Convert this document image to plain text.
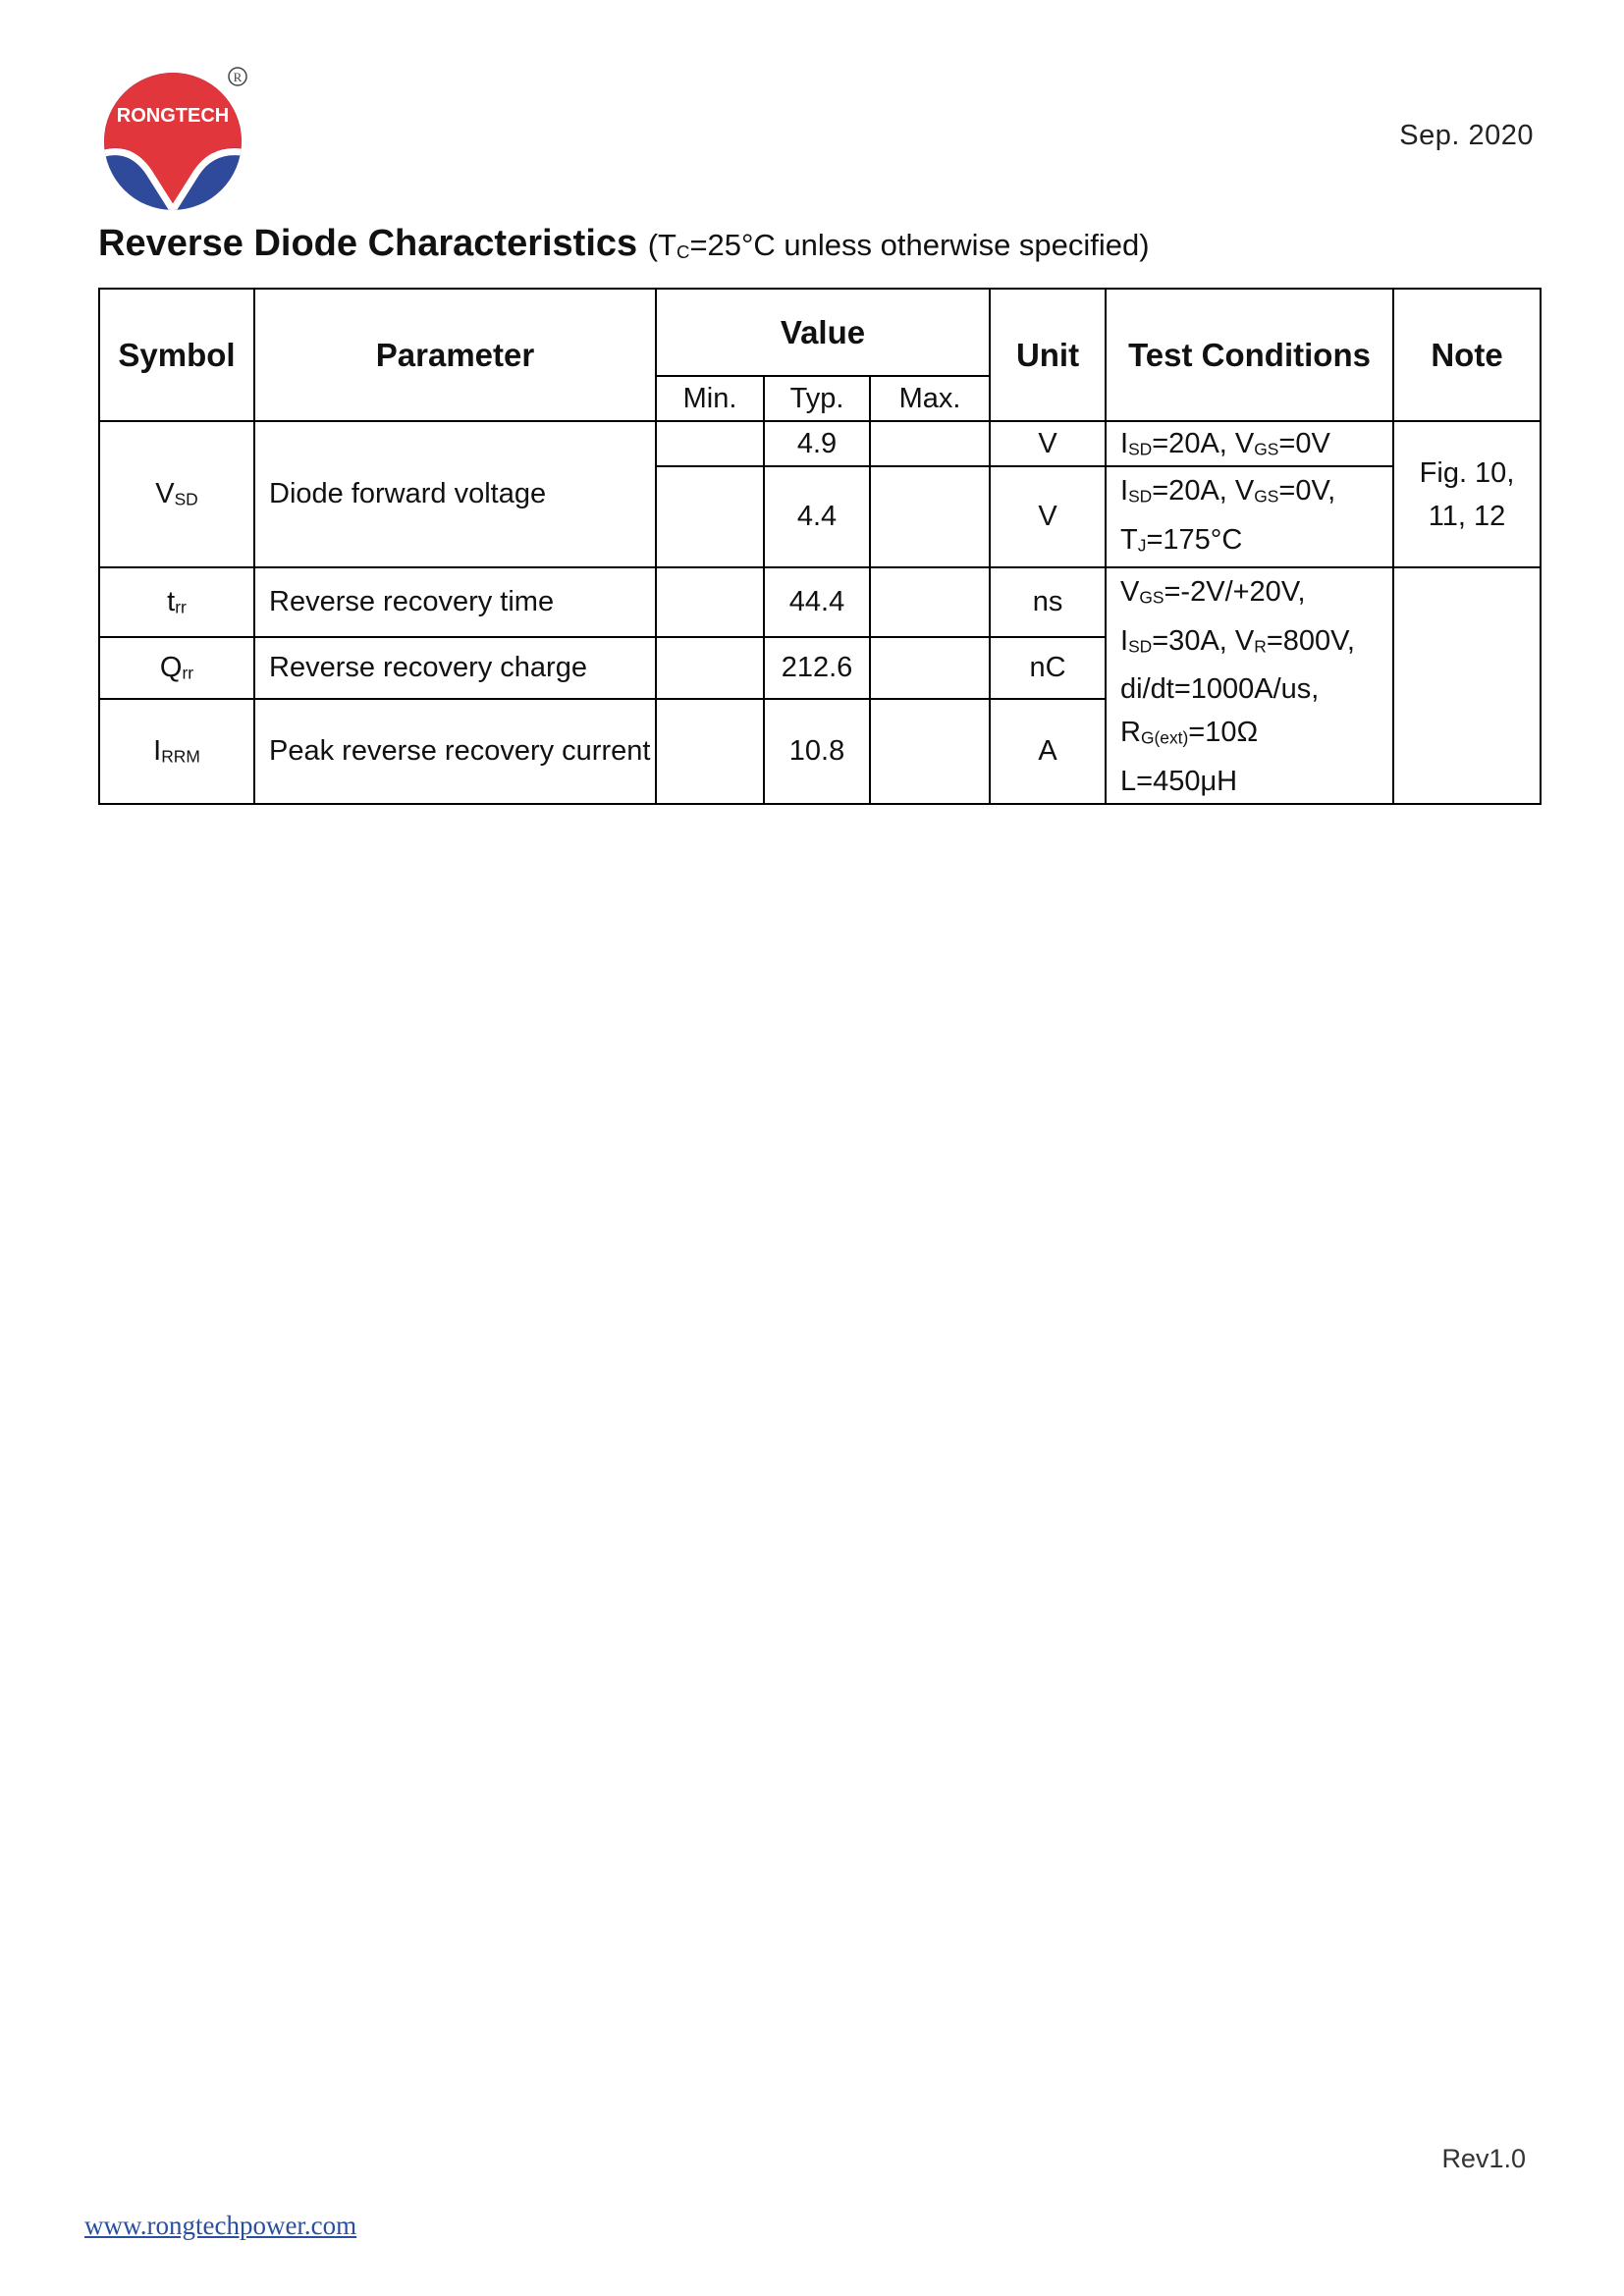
RONGTECH
R
Sep. 2020
Reverse Diode Characteristics (TC=25°C unless otherwise specified)
Symbol	Parameter	Value			Unit	Test Conditions	Note
		Min.	Typ.	Max.			
VSD	Diode forward voltage		4.9		V	ISD=20A, VGS=0V	Fig. 10, 11, 12
			4.4		V	ISD=20A, VGS=0V,
TJ=175°C	

trr	Reverse recovery time		44.4		ns	VGS=-2V/+20V,
ISD=30A, VR=800V,
di/dt=1000A/us,
RG(ext)=10Ω
L=450μH	

Qrr	Reverse recovery charge		212.6		nC		
IRRM	Peak reverse recovery current		10.8		A		
Rev1.0
www.rongtechpower.com
